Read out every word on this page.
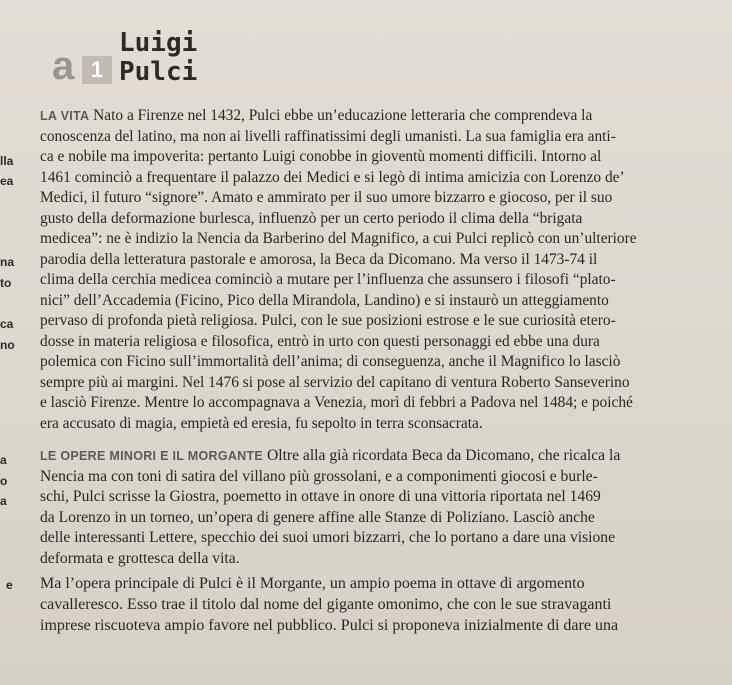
a 1
Luigi
Pulci
lla
ea
na
to
ca
no
a
o
a
e
LA VITA Nato a Firenze nel 1432, Pulci ebbe un’educazione letteraria che comprendeva la
conoscenza del latino, ma non ai livelli raffinatissimi degli umanisti. La sua famiglia era anti-
ca e nobile ma impoverita: pertanto Luigi conobbe in gioventù momenti difficili. Intorno al
1461 cominciò a frequentare il palazzo dei Medici e si legò di intima amicizia con Lorenzo de’
Medici, il futuro “signore”. Amato e ammirato per il suo umore bizzarro e giocoso, per il suo
gusto della deformazione burlesca, influenzò per un certo periodo il clima della “brigata
medicea”: ne è indizio la Nencia da Barberino del Magnifico, a cui Pulci replicò con un’ulteriore
parodia della letteratura pastorale e amorosa, la Beca da Dicomano. Ma verso il 1473-74 il
clima della cerchia medicea cominciò a mutare per l’influenza che assunsero i filosofi “plato-
nici” dell’Accademia (Ficino, Pico della Mirandola, Landino) e si instaurò un atteggiamento
pervaso di profonda pietà religiosa. Pulci, con le sue posizioni estrose e le sue curiosità etero-
dosse in materia religiosa e filosofica, entrò in urto con questi personaggi ed ebbe una dura
polemica con Ficino sull’immortalità dell’anima; di conseguenza, anche il Magnifico lo lasciò
sempre più ai margini. Nel 1476 si pose al servizio del capitano di ventura Roberto Sanseverino
e lasciò Firenze. Mentre lo accompagnava a Venezia, morì di febbri a Padova nel 1484; e poiché
era accusato di magia, empietà ed eresia, fu sepolto in terra sconsacrata.
LE OPERE MINORI E IL MORGANTE Oltre alla già ricordata Beca da Dicomano, che ricalca la
Nencia ma con toni di satira del villano più grossolani, e a componimenti giocosi e burle-
schi, Pulci scrisse la Giostra, poemetto in ottave in onore di una vittoria riportata nel 1469
da Lorenzo in un torneo, un’opera di genere affine alle Stanze di Poliziano. Lasciò anche
delle interessanti Lettere, specchio dei suoi umori bizzarri, che lo portano a dare una visione
deformata e grottesca della vita.
Ma l’opera principale di Pulci è il Morgante, un ampio poema in ottave di argomento
cavalleresco. Esso trae il titolo dal nome del gigante omonimo, che con le sue stravaganti
imprese riscuoteva ampio favore nel pubblico. Pulci si proponeva inizialmente di dare una
